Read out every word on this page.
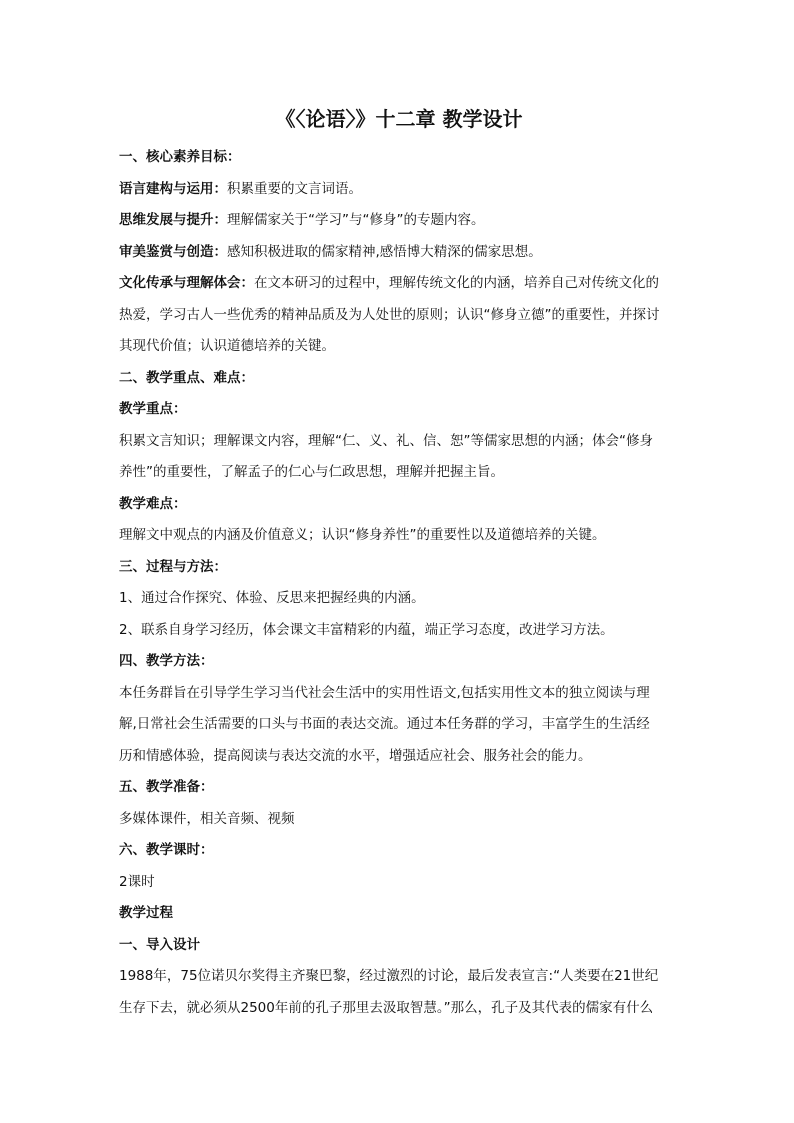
《〈论语〉》十二章 教学设计
一、核心素养目标：
语言建构与运用：积累重要的文言词语。
思维发展与提升：理解儒家关于“学习”与“修身”的专题内容。
审美鉴赏与创造：感知积极进取的儒家精神,感悟博大精深的儒家思想。
文化传承与理解体会：在文本研习的过程中，理解传统文化的内涵，培养自己对传统文化的
热爱，学习古人一些优秀的精神品质及为人处世的原则；认识“修身立德”的重要性，并探讨
其现代价值；认识道德培养的关键。
二、教学重点、难点：
教学重点：
积累文言知识；理解课文内容，理解“仁、义、礼、信、恕”等儒家思想的内涵；体会“修身
养性”的重要性，了解孟子的仁心与仁政思想，理解并把握主旨。
教学难点：
理解文中观点的内涵及价值意义；认识“修身养性”的重要性以及道德培养的关键。
三、过程与方法：
1、通过合作探究、体验、反思来把握经典的内涵。
2、联系自身学习经历，体会课文丰富精彩的内蕴，端正学习态度，改进学习方法。
四、教学方法：
本任务群旨在引导学生学习当代社会生活中的实用性语文,包括实用性文本的独立阅读与理
解,日常社会生活需要的口头与书面的表达交流。通过本任务群的学习，丰富学生的生活经
历和情感体验，提高阅读与表达交流的水平，增强适应社会、服务社会的能力。
五、教学准备：
多媒体课件，相关音频、视频
六、教学课时：
2课时
教学过程
一、导入设计
1988年，75位诺贝尔奖得主齐聚巴黎，经过激烈的讨论，最后发表宣言:“人类要在21世纪
生存下去，就必须从2500年前的孔子那里去汲取智慧。”那么，孔子及其代表的儒家有什么
